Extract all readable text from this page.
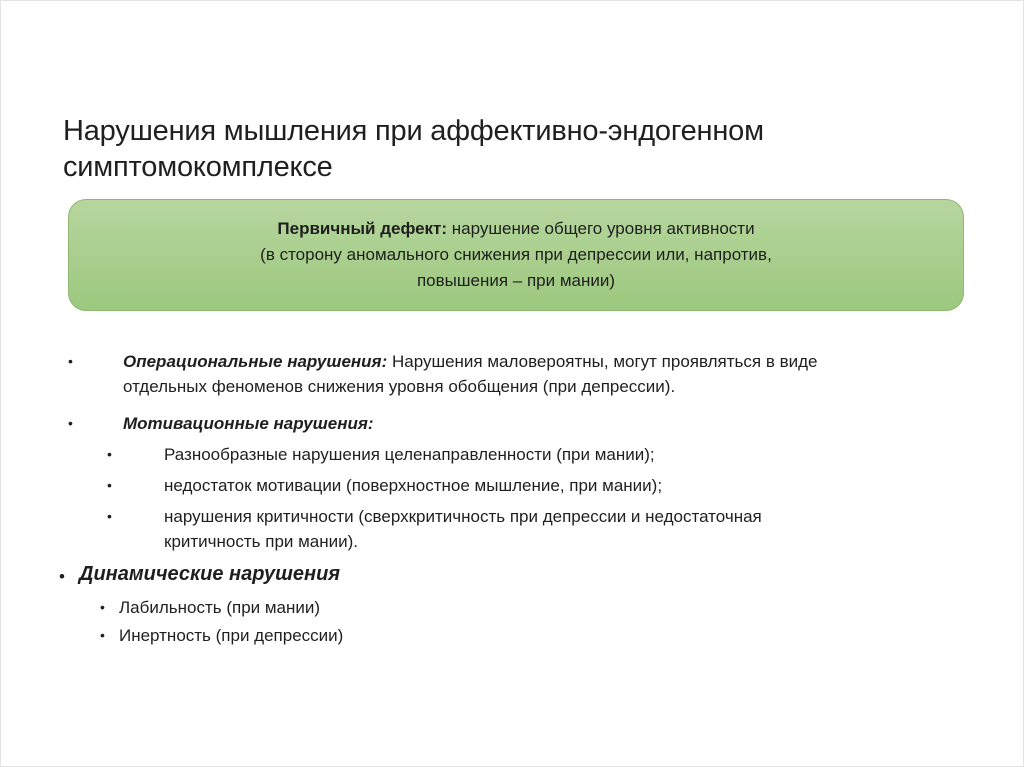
Нарушения мышления при аффективно-эндогенном симптомокомплексе
Первичный дефект: нарушение общего уровня активности
(в сторону аномального снижения при депрессии или, напротив,
повышения – при мании)
•	Операциональные нарушения: Нарушения маловероятны, могут проявляться в виде
отдельных феноменов снижения уровня обобщения (при депрессии).
•	Мотивационные нарушения:
•	Разнообразные нарушения целенаправленности (при мании);
•	недостаток мотивации (поверхностное мышление, при мании);
•	нарушения критичности (сверхкритичность при депрессии и недостаточная
критичность при мании).
• Динамические нарушения
• Лабильность (при мании)
• Инертность (при депрессии)
